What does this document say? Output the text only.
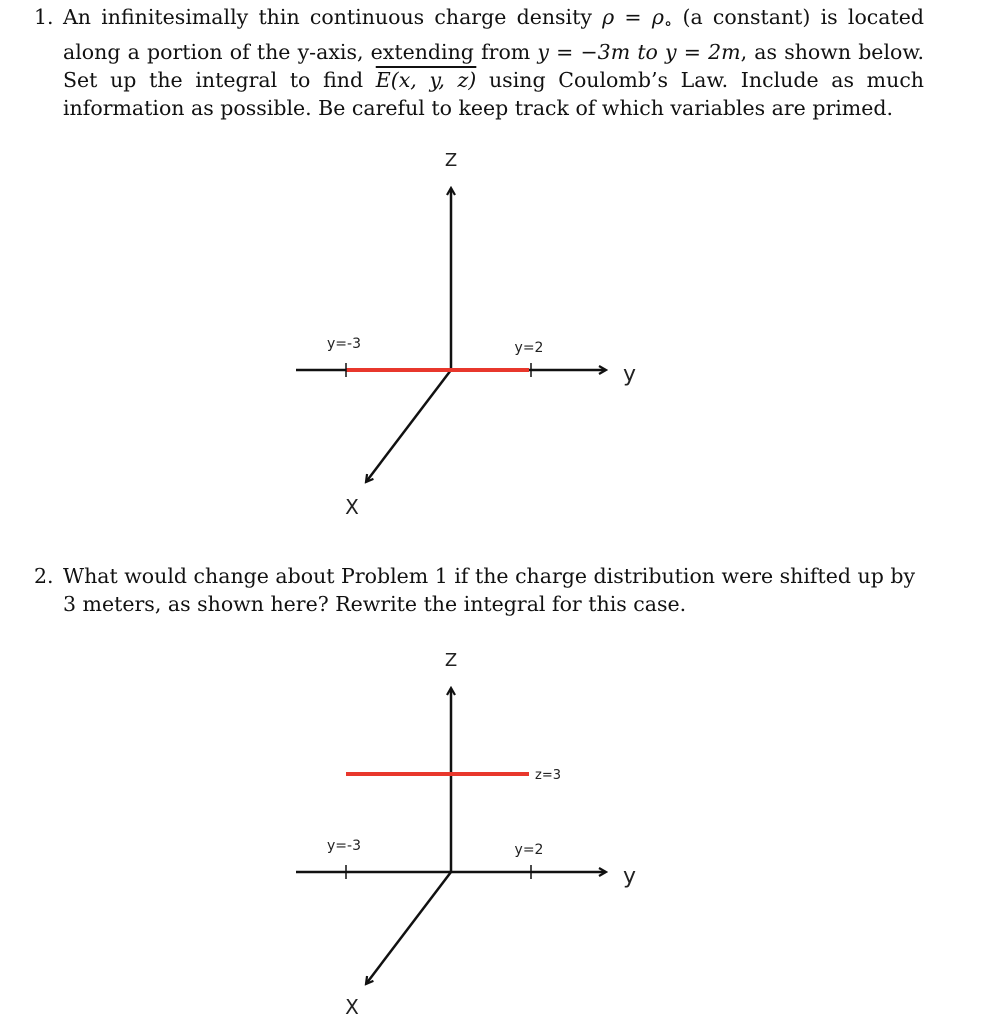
1. An infinitesimally thin continuous charge density $\rho = \rho_\circ$ (a constant) is located along a portion of the y-axis, extending from y = −3m to y = 2m, as shown below. Set up the integral to find E(x, y, z) using Coulomb’s Law. Include as much information as possible. Be careful to keep track of which variables are primed.
Z
y
X
y=-3	y=2
2. What would change about Problem 1 if the charge distribution were shifted up by 3 meters, as shown here? Rewrite the integral for this case.
Z
z=3
y
X
y=-3	y=2
